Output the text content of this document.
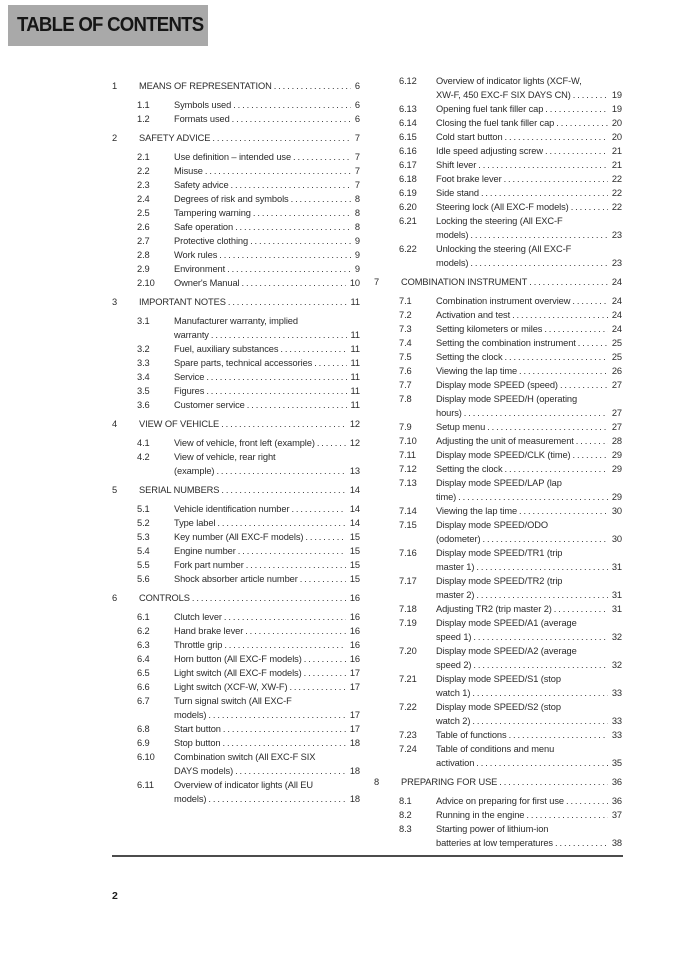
TABLE OF CONTENTS
1	MEANS OF REPRESENTATION .....	6
1.1	Symbols used .....	6
1.2	Formats used .....	6
2	SAFETY ADVICE .....	7
2.1	Use definition – intended use .....	7
2.2	Misuse .....	7
2.3	Safety advice .....	7
2.4	Degrees of risk and symbols .....	8
2.5	Tampering warning .....	8
2.6	Safe operation .....	8
2.7	Protective clothing .....	9
2.8	Work rules .....	9
2.9	Environment .....	9
2.10	Owner's Manual .....	10
3	IMPORTANT NOTES .....	11
3.1	Manufacturer warranty, implied
warranty .....	11
3.2	Fuel, auxiliary substances .....	11
3.3	Spare parts, technical accessories .....	11
3.4	Service .....	11
3.5	Figures .....	11
3.6	Customer service .....	11
4	VIEW OF VEHICLE .....	12
4.1	View of vehicle, front left (example) .....	12
4.2	View of vehicle, rear right
(example) .....	13
5	SERIAL NUMBERS .....	14
5.1	Vehicle identification number .....	14
5.2	Type label .....	14
5.3	Key number (All EXC-F models) .....	15
5.4	Engine number .....	15
5.5	Fork part number .....	15
5.6	Shock absorber article number .....	15
6	CONTROLS .....	16
6.1	Clutch lever .....	16
6.2	Hand brake lever .....	16
6.3	Throttle grip .....	16
6.4	Horn button (All EXC-F models) .....	16
6.5	Light switch (All EXC-F models) .....	17
6.6	Light switch (XCF-W, XW-F) .....	17
6.7	Turn signal switch (All EXC-F
models) .....	17
6.8	Start button .....	17
6.9	Stop button .....	18
6.10	Combination switch (All EXC-F SIX
DAYS models) .....	18
6.11	Overview of indicator lights (All EU
models) .....	18
6.12	Overview of indicator lights (XCF-W,
XW-F, 450 EXC-F SIX DAYS CN) .....	19
6.13	Opening fuel tank filler cap .....	19
6.14	Closing the fuel tank filler cap .....	20
6.15	Cold start button .....	20
6.16	Idle speed adjusting screw .....	21
6.17	Shift lever .....	21
6.18	Foot brake lever .....	22
6.19	Side stand .....	22
6.20	Steering lock (All EXC-F models) .....	22
6.21	Locking the steering (All EXC-F
models) .....	23
6.22	Unlocking the steering (All EXC-F
models) .....	23
7	COMBINATION INSTRUMENT .....	24
7.1	Combination instrument overview .....	24
7.2	Activation and test .....	24
7.3	Setting kilometers or miles .....	24
7.4	Setting the combination instrument .....	25
7.5	Setting the clock .....	25
7.6	Viewing the lap time .....	26
7.7	Display mode SPEED (speed) .....	27
7.8	Display mode SPEED/H (operating
hours) .....	27
7.9	Setup menu .....	27
7.10	Adjusting the unit of measurement .....	28
7.11	Display mode SPEED/CLK (time) .....	29
7.12	Setting the clock .....	29
7.13	Display mode SPEED/LAP (lap
time) .....	29
7.14	Viewing the lap time .....	30
7.15	Display mode SPEED/ODO
(odometer) .....	30
7.16	Display mode SPEED/TR1 (trip
master 1) .....	31
7.17	Display mode SPEED/TR2 (trip
master 2) .....	31
7.18	Adjusting TR2 (trip master 2) .....	31
7.19	Display mode SPEED/A1 (average
speed 1) .....	32
7.20	Display mode SPEED/A2 (average
speed 2) .....	32
7.21	Display mode SPEED/S1 (stop
watch 1) .....	33
7.22	Display mode SPEED/S2 (stop
watch 2) .....	33
7.23	Table of functions .....	33
7.24	Table of conditions and menu
activation .....	35
8	PREPARING FOR USE .....	36
8.1	Advice on preparing for first use .....	36
8.2	Running in the engine .....	37
8.3	Starting power of lithium-ion
batteries at low temperatures .....	38
2
